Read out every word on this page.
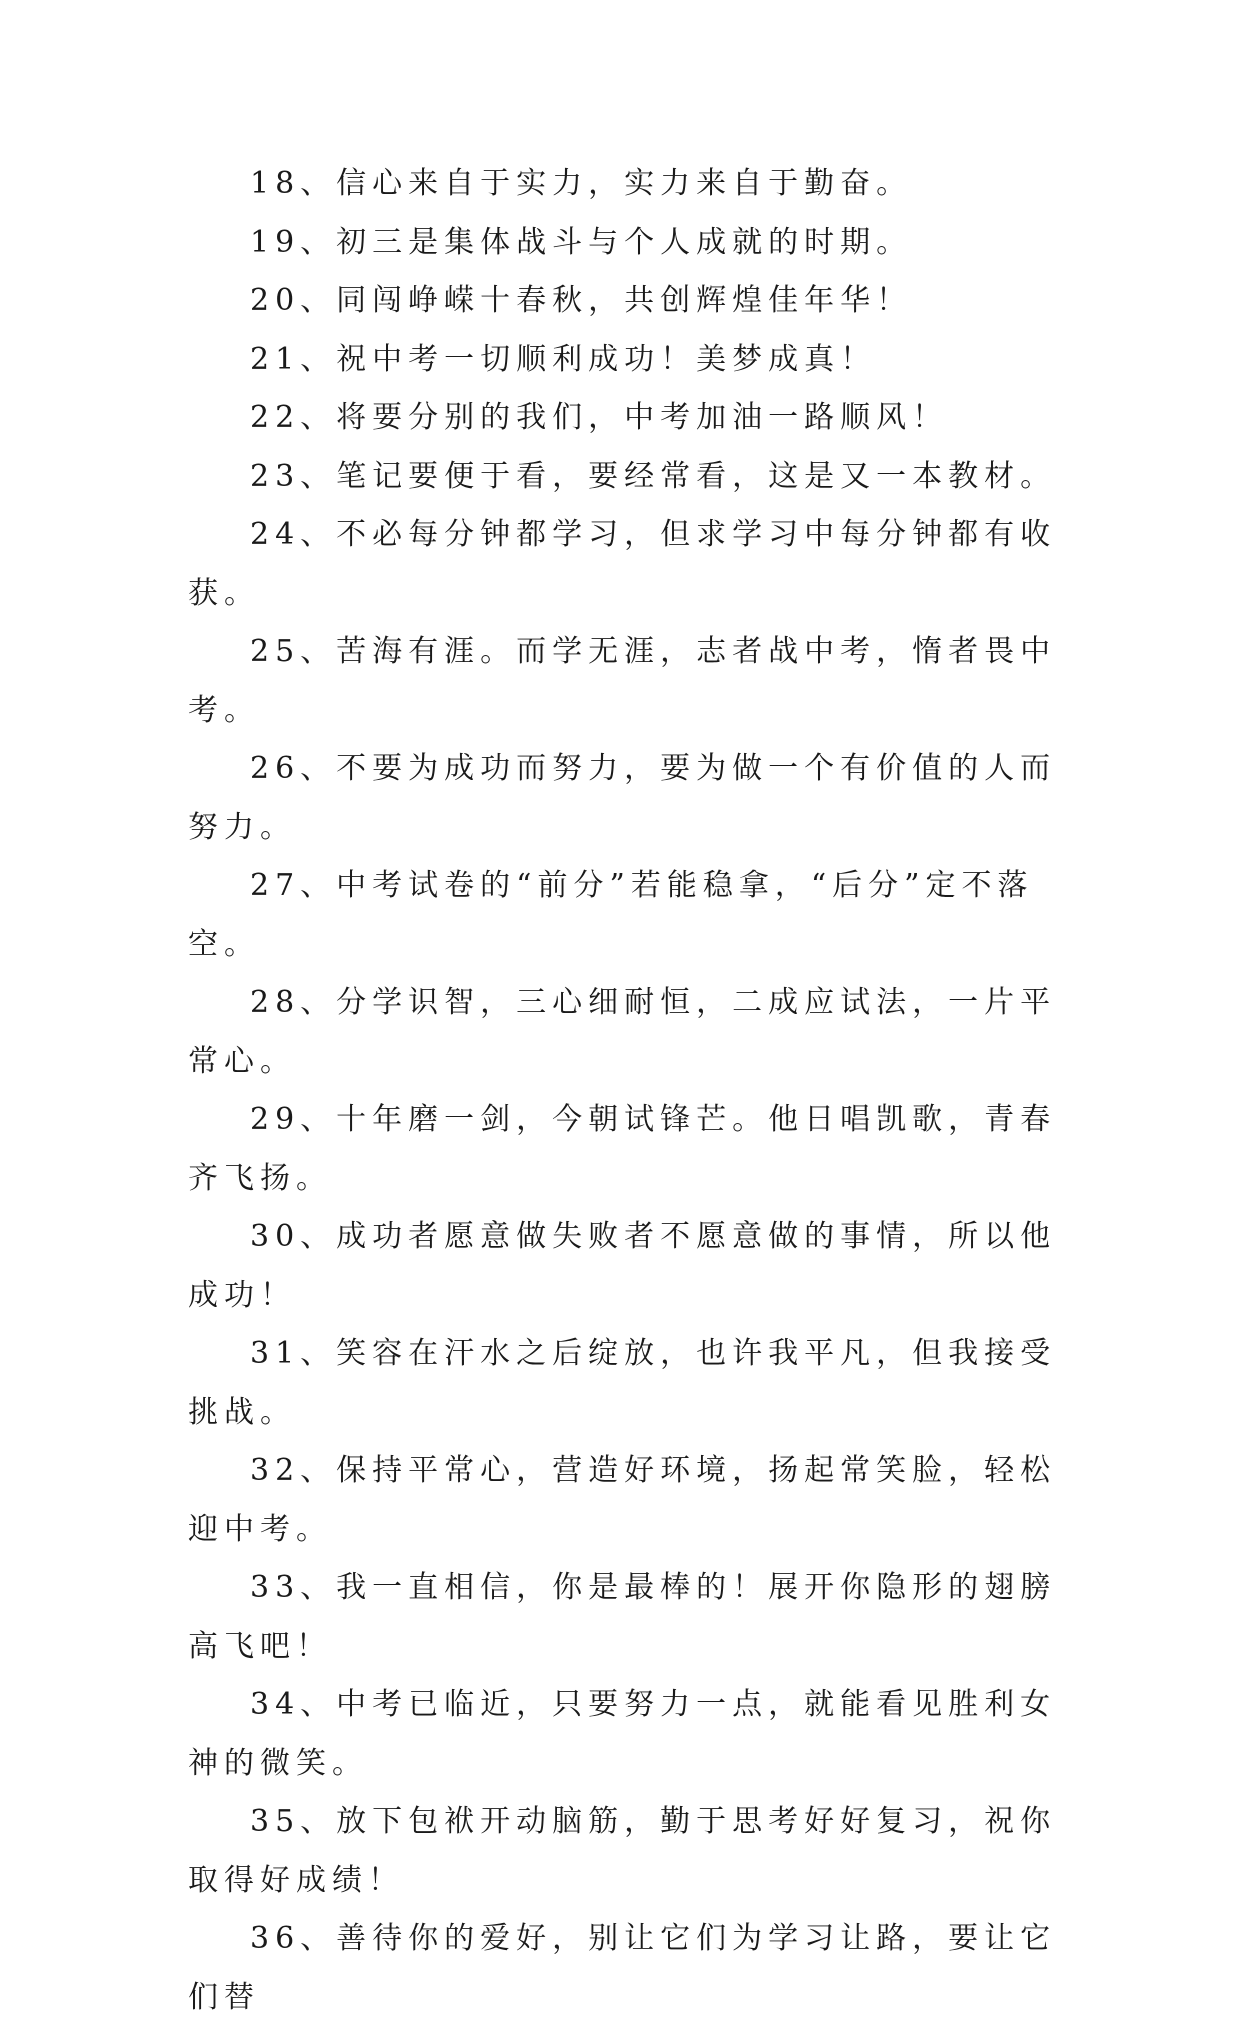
18、信心来自于实力，实力来自于勤奋。

19、初三是集体战斗与个人成就的时期。

20、同闯峥嵘十春秋，共创辉煌佳年华！

21、祝中考一切顺利成功！美梦成真！

22、将要分别的我们，中考加油一路顺风！

23、笔记要便于看，要经常看，这是又一本教材。

24、不必每分钟都学习，但求学习中每分钟都有收获。

25、苦海有涯。而学无涯，志者战中考，惰者畏中考。

26、不要为成功而努力，要为做一个有价值的人而努力。

27、中考试卷的“前分”若能稳拿，“后分”定不落空。

28、分学识智，三心细耐恒，二成应试法，一片平常心。

29、十年磨一剑，今朝试锋芒。他日唱凯歌，青春齐飞扬。

30、成功者愿意做失败者不愿意做的事情，所以他成功！

31、笑容在汗水之后绽放，也许我平凡，但我接受挑战。

32、保持平常心，营造好环境，扬起常笑脸，轻松迎中考。

33、我一直相信，你是最棒的！展开你隐形的翅膀高飞吧！

34、中考已临近，只要努力一点，就能看见胜利女神的微笑。

35、放下包袱开动脑筋，勤于思考好好复习，祝你取得好成绩！

36、善待你的爱好，别让它们为学习让路，要让它们替
